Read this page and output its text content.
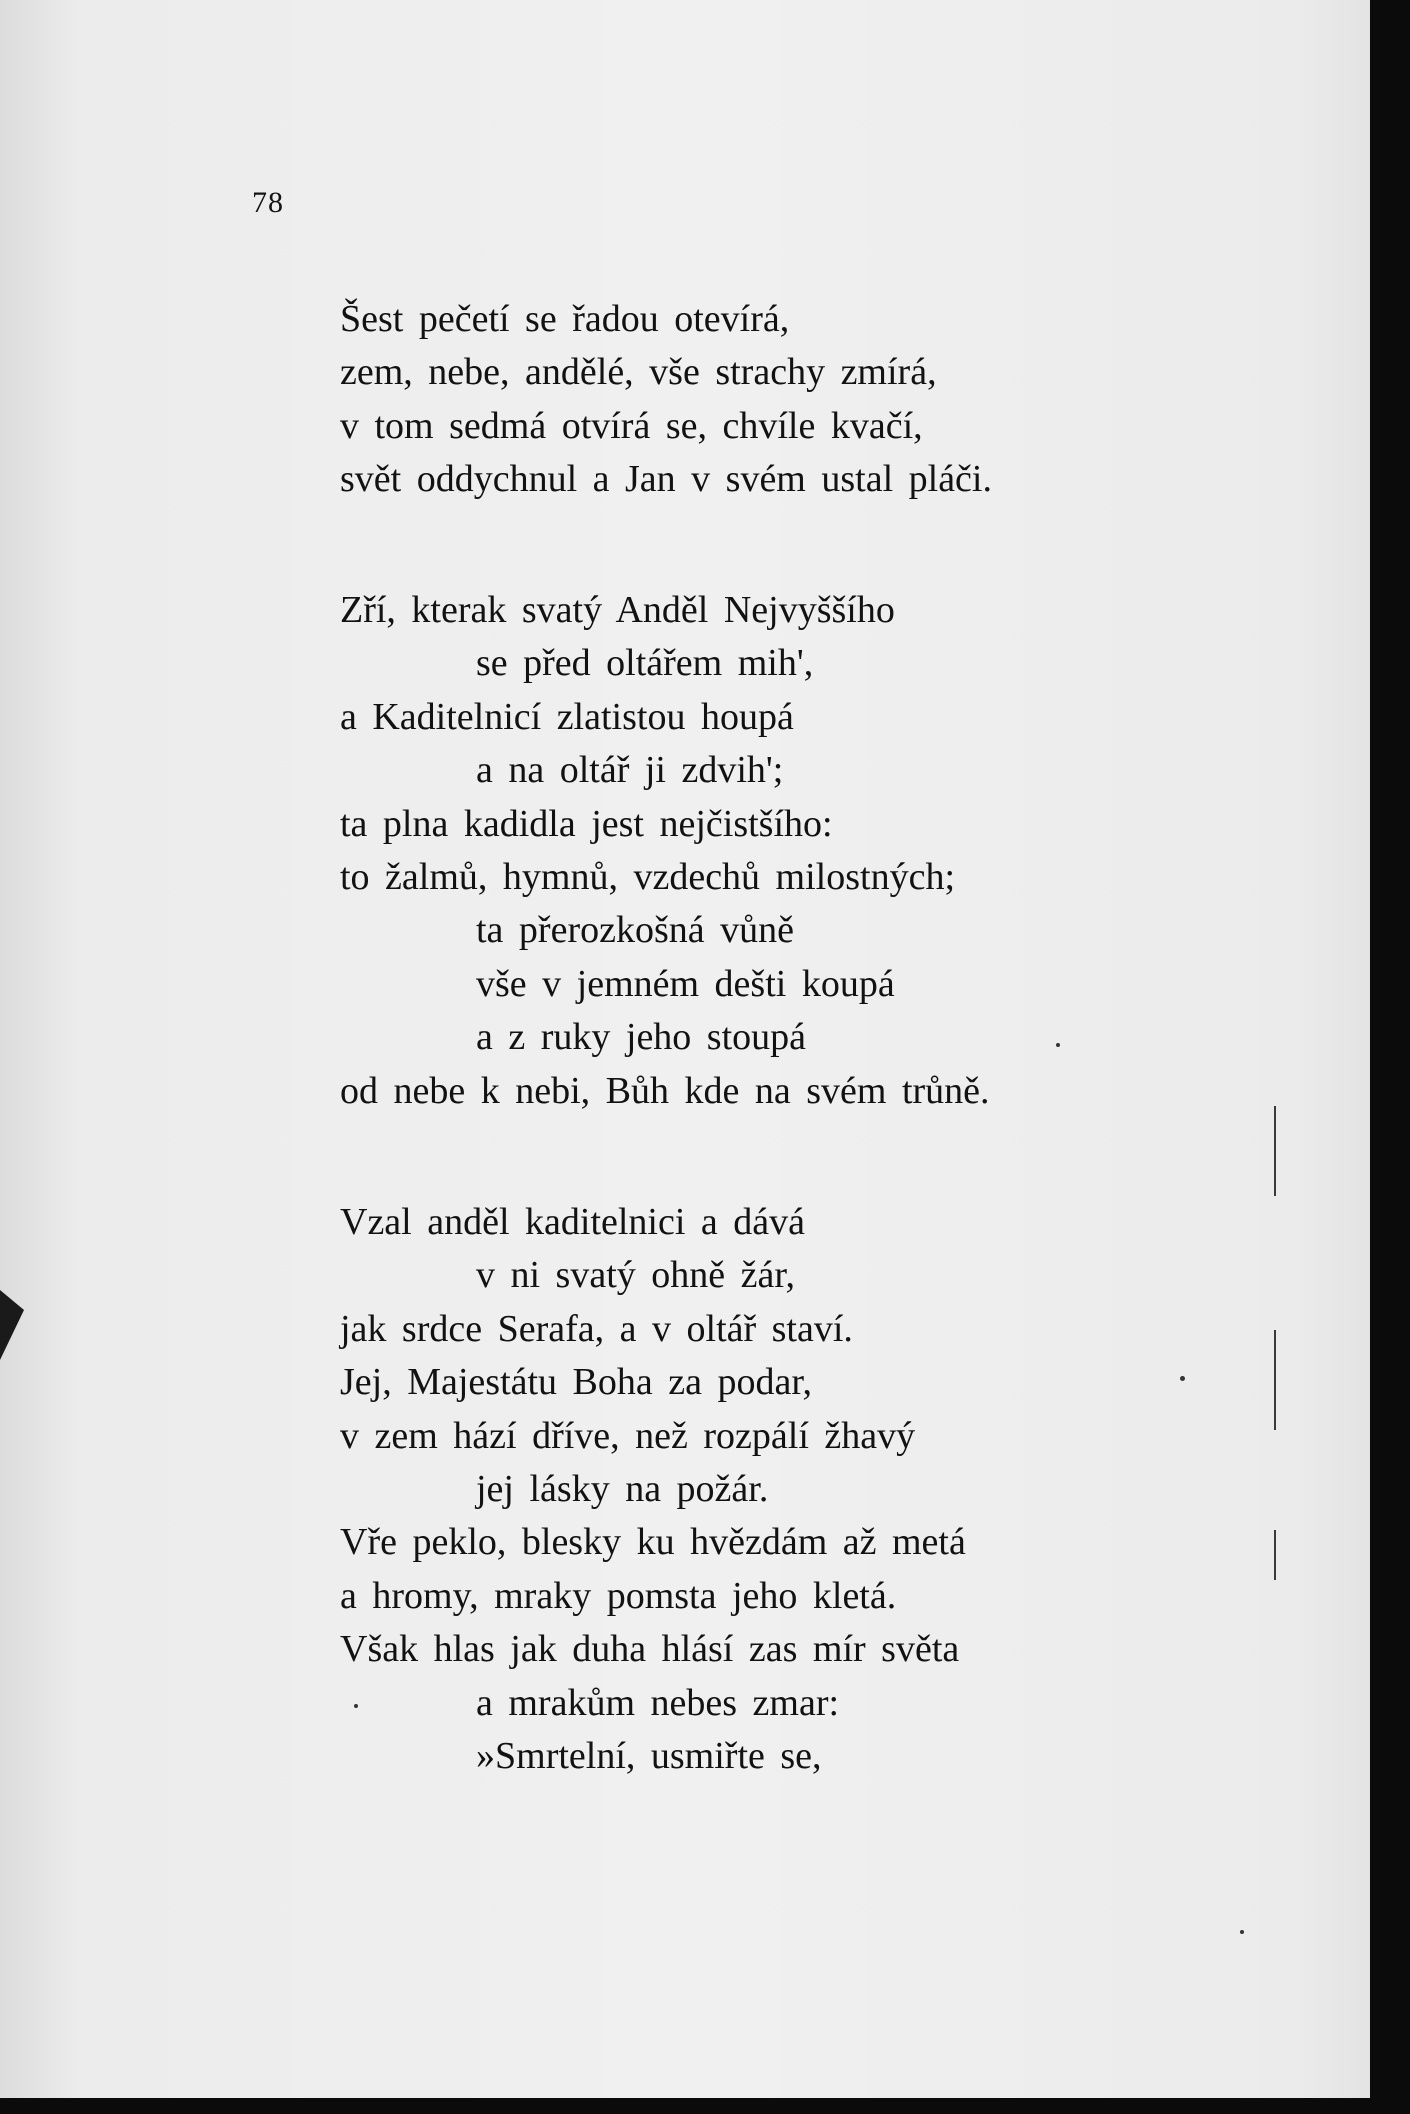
78
Šest pečetí se řadou otevírá,
zem, nebe, andělé, vše strachy zmírá,
v tom sedmá otvírá se, chvíle kvačí,
svět oddychnul a Jan v svém ustal pláči.
Zří, kterak svatý Anděl Nejvyššího
se před oltářem mih',
a Kaditelnicí zlatistou houpá
a na oltář ji zdvih';
ta plna kadidla jest nejčistšího:
to žalmů, hymnů, vzdechů milostných;
ta přerozkošná vůně
vše v jemném dešti koupá
a z ruky jeho stoupá
od nebe k nebi, Bůh kde na svém trůně.
Vzal anděl kaditelnici a dává
v ni svatý ohně žár,
jak srdce Serafa, a v oltář staví.
Jej, Majestátu Boha za podar,
v zem hází dříve, než rozpálí žhavý
jej lásky na požár.
Vře peklo, blesky ku hvězdám až metá
a hromy, mraky pomsta jeho kletá.
Však hlas jak duha hlásí zas mír světa
a mrakům nebes zmar:
»Smrtelní, usmiřte se,
